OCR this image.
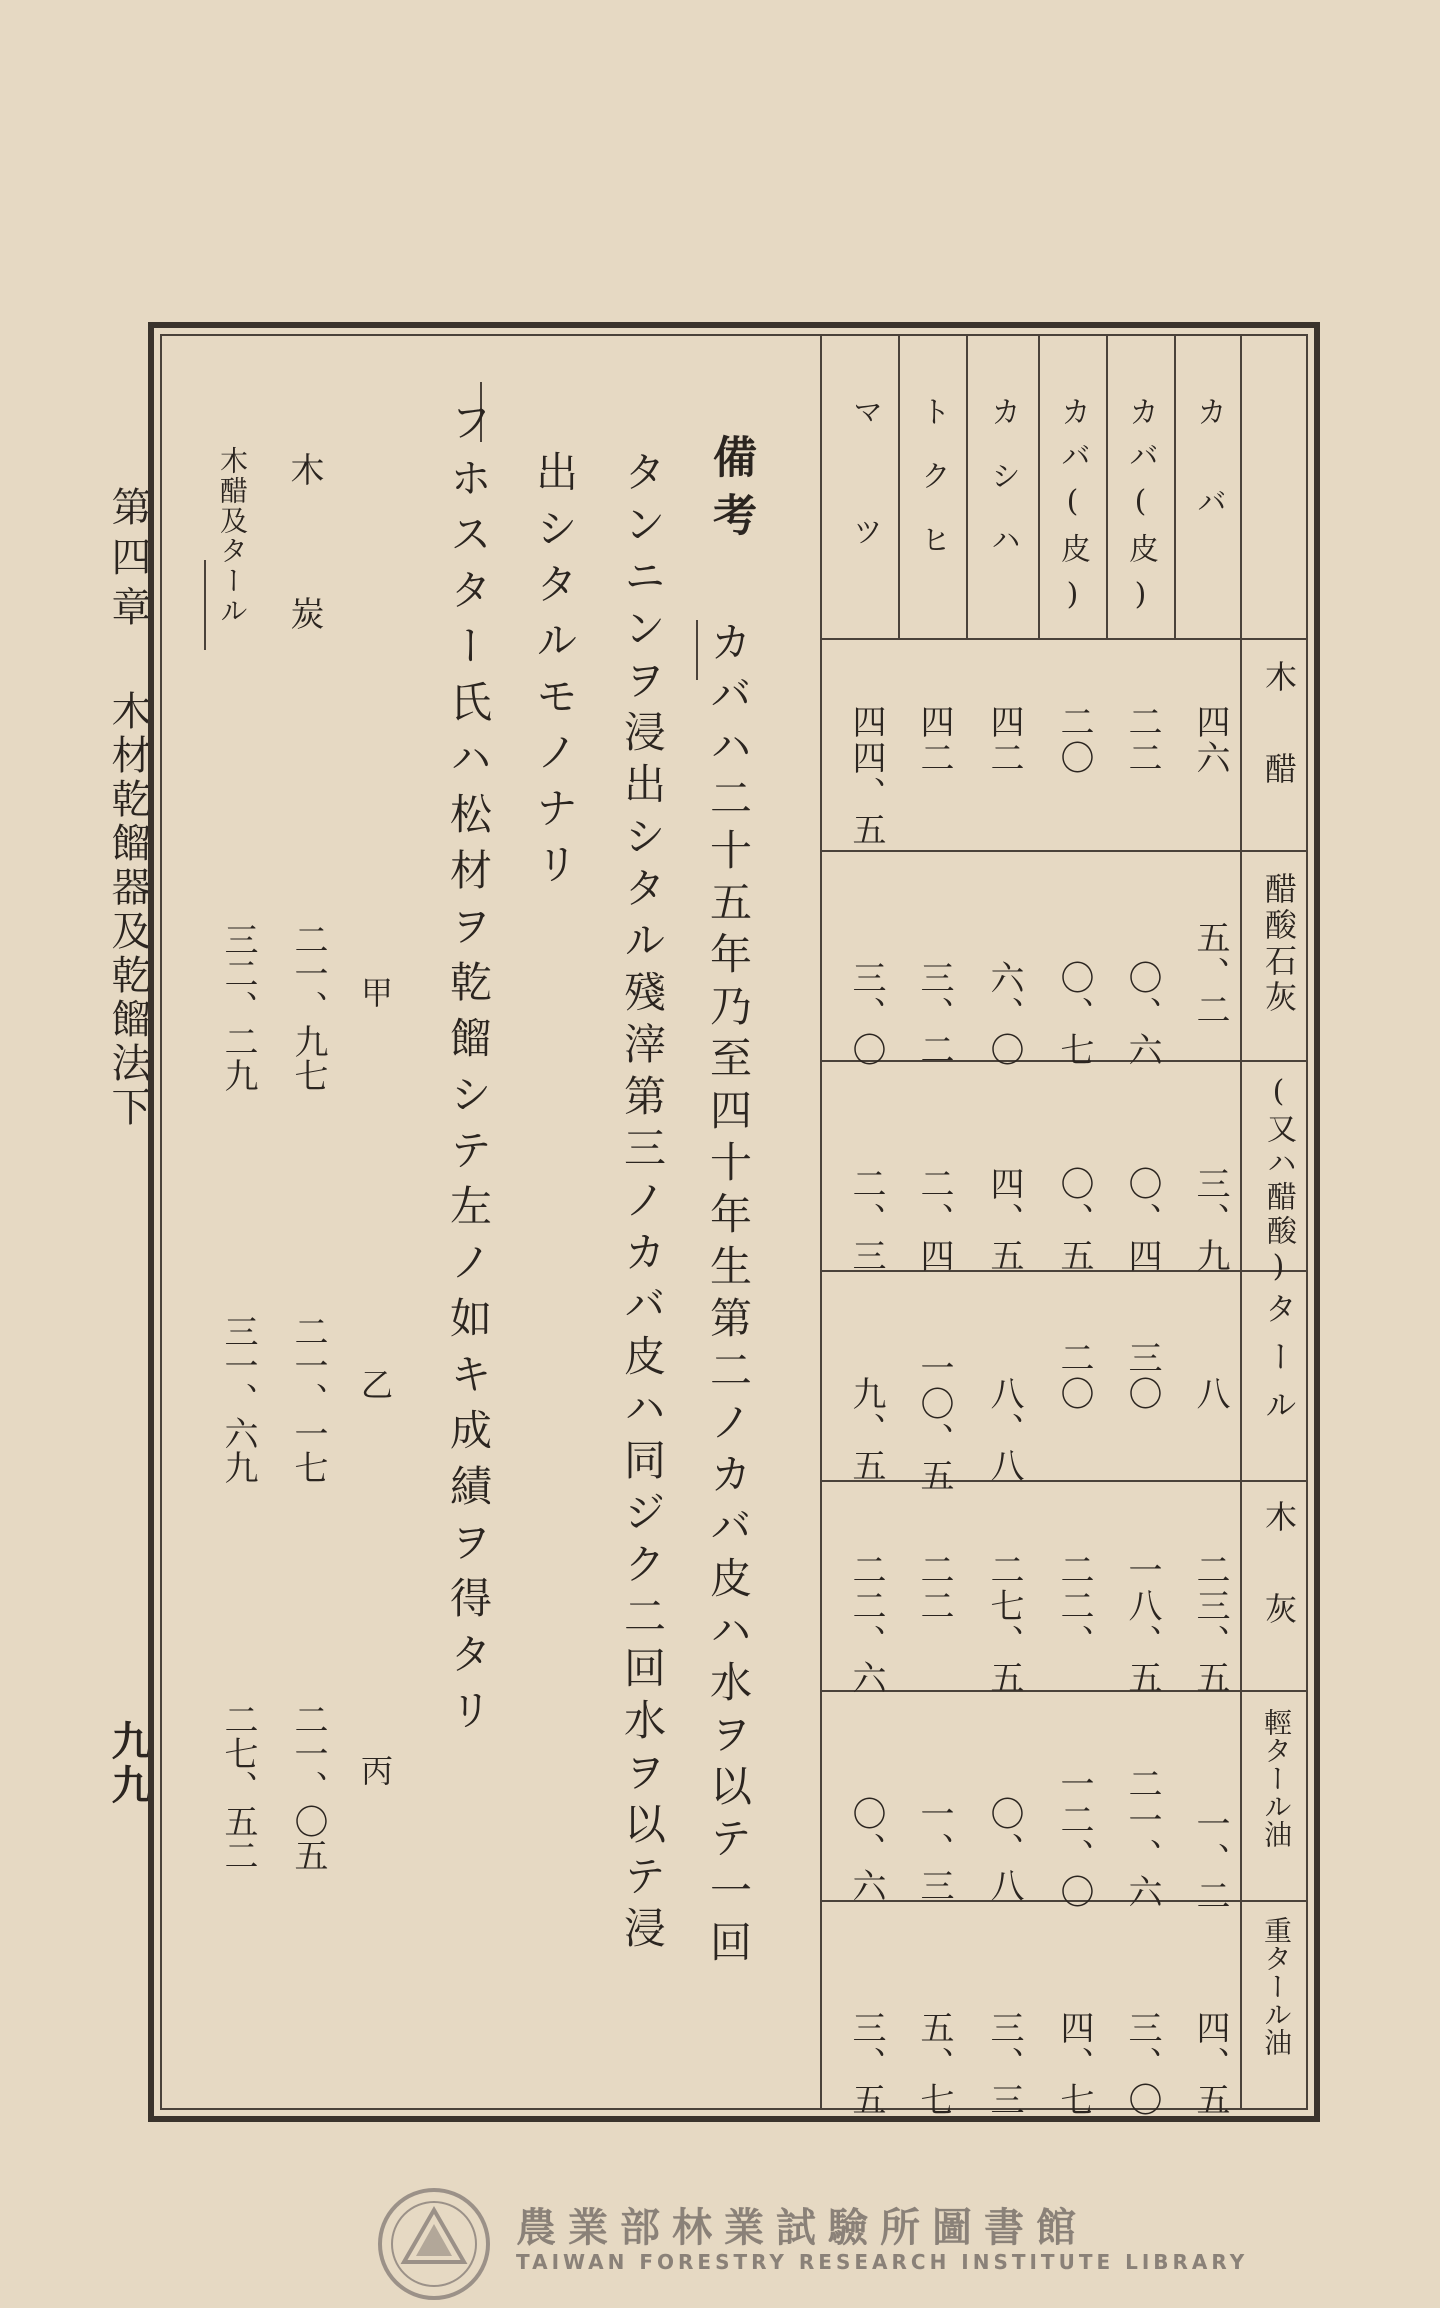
第四章
木材乾餾器及乾餾法下
九九
木醋
醋酸石灰
(又ハ醋酸)
タール
木灰
輕タール油
重タール油
カバ
カバ(皮)
カバ(皮)
カシハ
トクヒ
マツ
四六
五、二
三、九
八
二三、五
一、二
四、五
二二
〇、六
〇、四
三〇
一八、五
二一、六
三、〇
二〇
〇、七
〇、五
二〇
二二、
一二、〇
四、七
四二
六、〇
四、五
八、八
二七、五
〇、八
三、三
四二
三、二
二、四
一〇、五
二二
一、三
五、七
四四、五
三、〇
二、三
九、五
二二、六
〇、六
三、五
備考
カバハ二十五年乃至四十年生第二ノカバ皮ハ水ヲ以テ一回
タンニンヲ浸出シタル殘滓第三ノカバ皮ハ同ジク二回水ヲ以テ浸
出シタルモノナリ
フホスター氏ハ松材ヲ乾餾シテ左ノ如キ成績ヲ得タリ
甲
乙
丙
木炭
木醋及タール
二一、九七
二一、一七
二一、〇五
三二、二九
三一、六九
二七、五二
農業部林業試驗所圖書館
TAIWAN FORESTRY RESEARCH INSTITUTE LIBRARY
